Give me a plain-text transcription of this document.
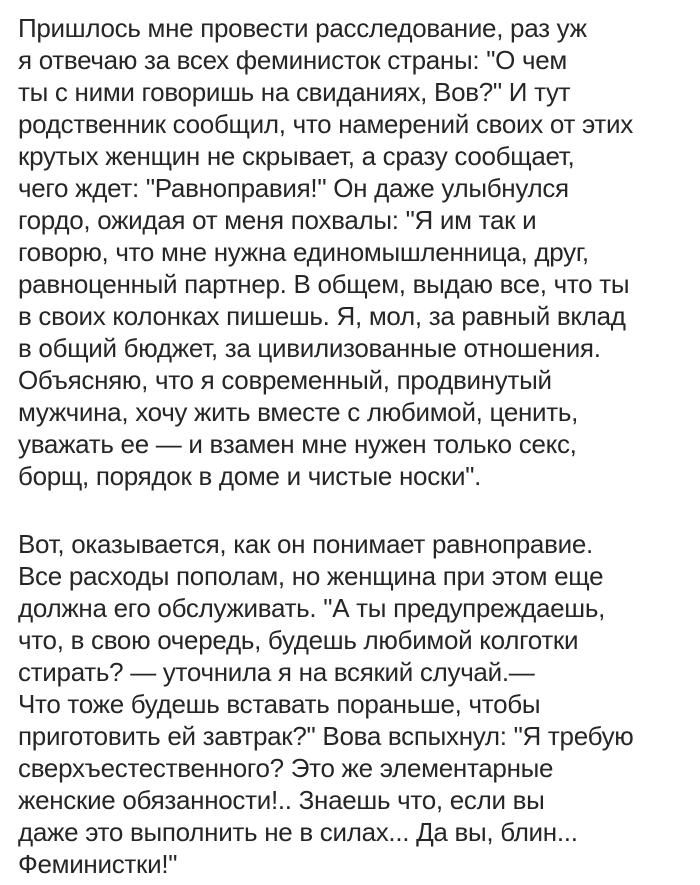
Пришлось мне провести расследование, раз уж
я отвечаю за всех феминисток страны: "О чем
ты с ними говоришь на свиданиях, Вов?" И тут
родственник сообщил, что намерений своих от этих
крутых женщин не скрывает, а сразу сообщает,
чего ждет: "Равноправия!" Он даже улыбнулся
гордо, ожидая от меня похвалы: "Я им так и
говорю, что мне нужна единомышленница, друг,
равноценный партнер. В общем, выдаю все, что ты
в своих колонках пишешь. Я, мол, за равный вклад
в общий бюджет, за цивилизованные отношения.
Объясняю, что я современный, продвинутый
мужчина, хочу жить вместе с любимой, ценить,
уважать ее — и взамен мне нужен только секс,
борщ, порядок в доме и чистые носки".
Вот, оказывается, как он понимает равноправие.
Все расходы пополам, но женщина при этом еще
должна его обслуживать. "А ты предупреждаешь,
что, в свою очередь, будешь любимой колготки
стирать? — уточнила я на всякий случай.—
Что тоже будешь вставать пораньше, чтобы
приготовить ей завтрак?" Вова вспыхнул: "Я требую
сверхъестественного? Это же элементарные
женские обязанности!.. Знаешь что, если вы
даже это выполнить не в силах... Да вы, блин...
Феминистки!"
